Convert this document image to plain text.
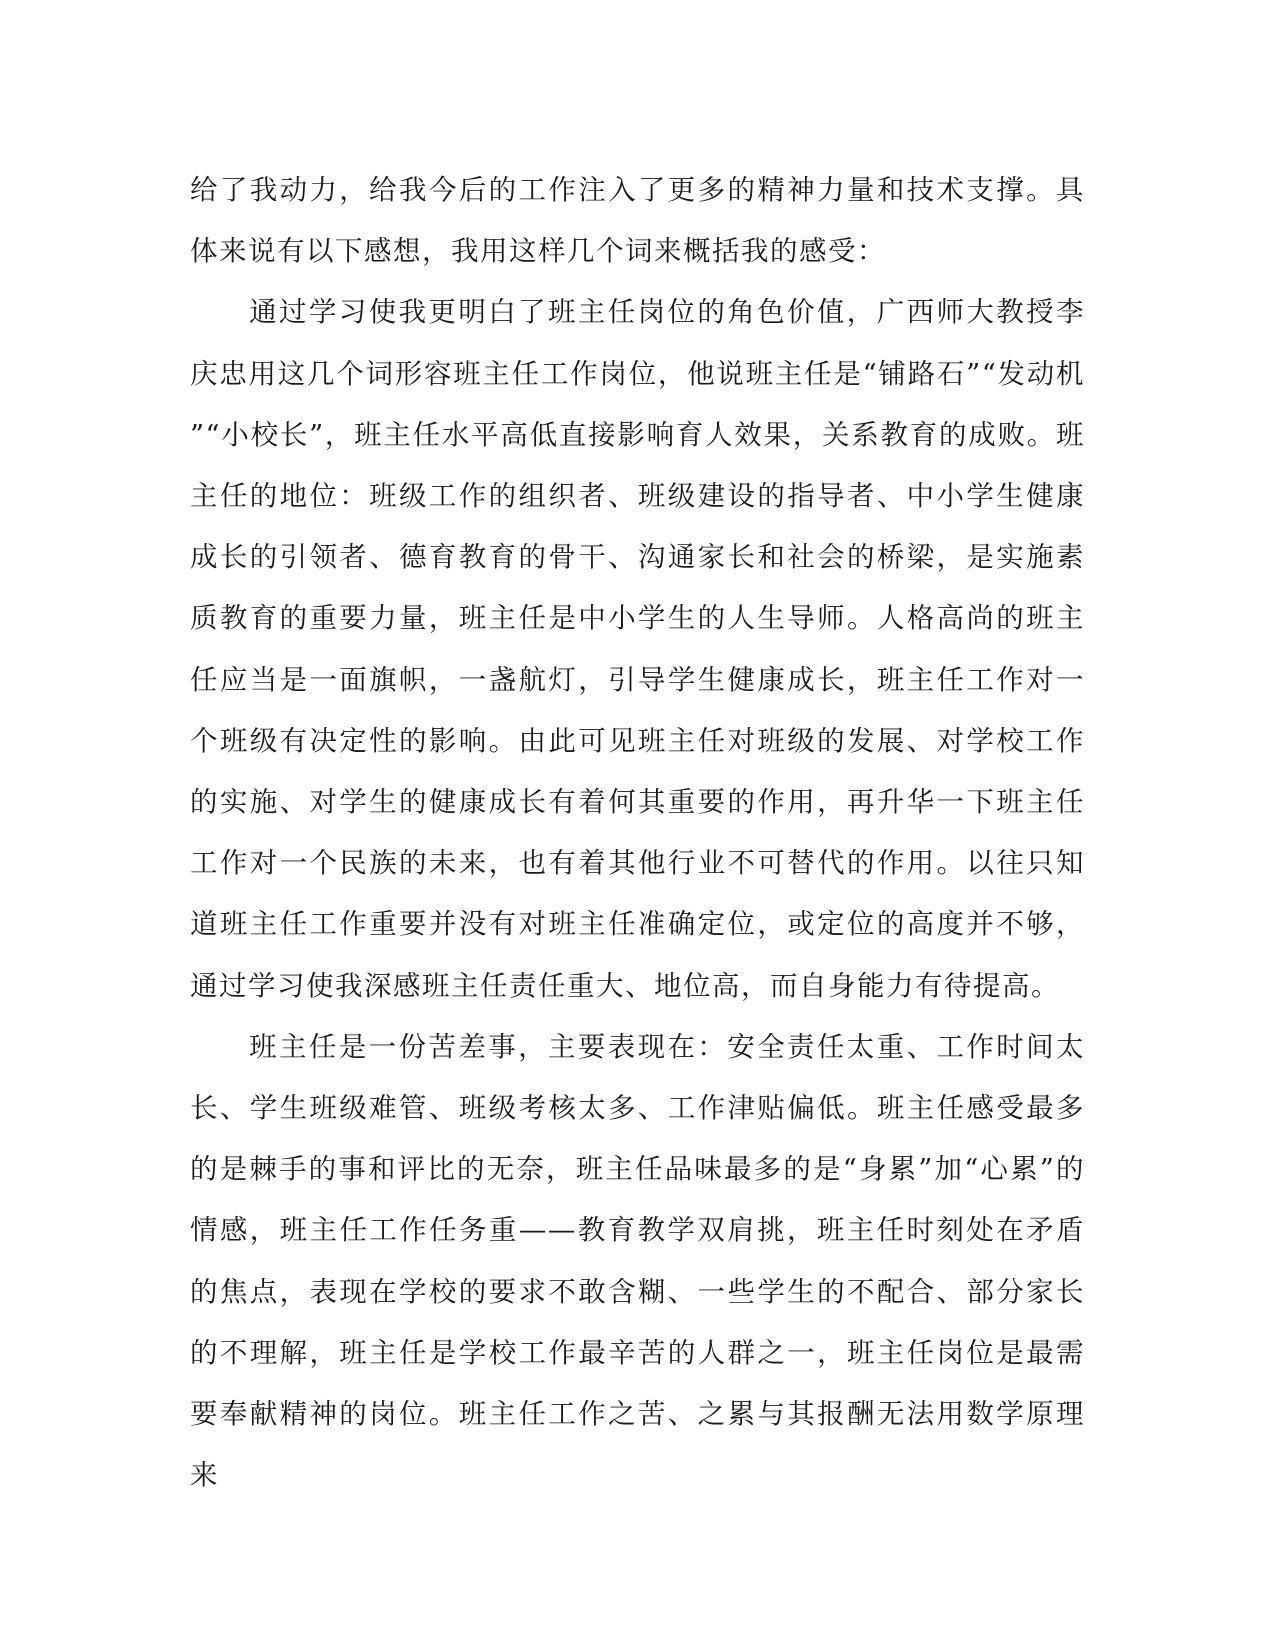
给了我动力，给我今后的工作注入了更多的精神力量和技术支撑。具体来说有以下感想，我用这样几个词来概括我的感受：

通过学习使我更明白了班主任岗位的角色价值，广西师大教授李庆忠用这几个词形容班主任工作岗位，他说班主任是“铺路石”“发动机”“小校长”，班主任水平高低直接影响育人效果，关系教育的成败。班主任的地位：班级工作的组织者、班级建设的指导者、中小学生健康成长的引领者、德育教育的骨干、沟通家长和社会的桥梁，是实施素质教育的重要力量，班主任是中小学生的人生导师。人格高尚的班主任应当是一面旗帜，一盏航灯，引导学生健康成长，班主任工作对一个班级有决定性的影响。由此可见班主任对班级的发展、对学校工作的实施、对学生的健康成长有着何其重要的作用，再升华一下班主任工作对一个民族的未来，也有着其他行业不可替代的作用。以往只知道班主任工作重要并没有对班主任准确定位，或定位的高度并不够，通过学习使我深感班主任责任重大、地位高，而自身能力有待提高。

班主任是一份苦差事，主要表现在：安全责任太重、工作时间太长、学生班级难管、班级考核太多、工作津贴偏低。班主任感受最多的是棘手的事和评比的无奈，班主任品味最多的是“身累”加“心累”的情感，班主任工作任务重——教育教学双肩挑，班主任时刻处在矛盾的焦点，表现在学校的要求不敢含糊、一些学生的不配合、部分家长的不理解，班主任是学校工作最辛苦的人群之一，班主任岗位是最需要奉献精神的岗位。班主任工作之苦、之累与其报酬无法用数学原理来
